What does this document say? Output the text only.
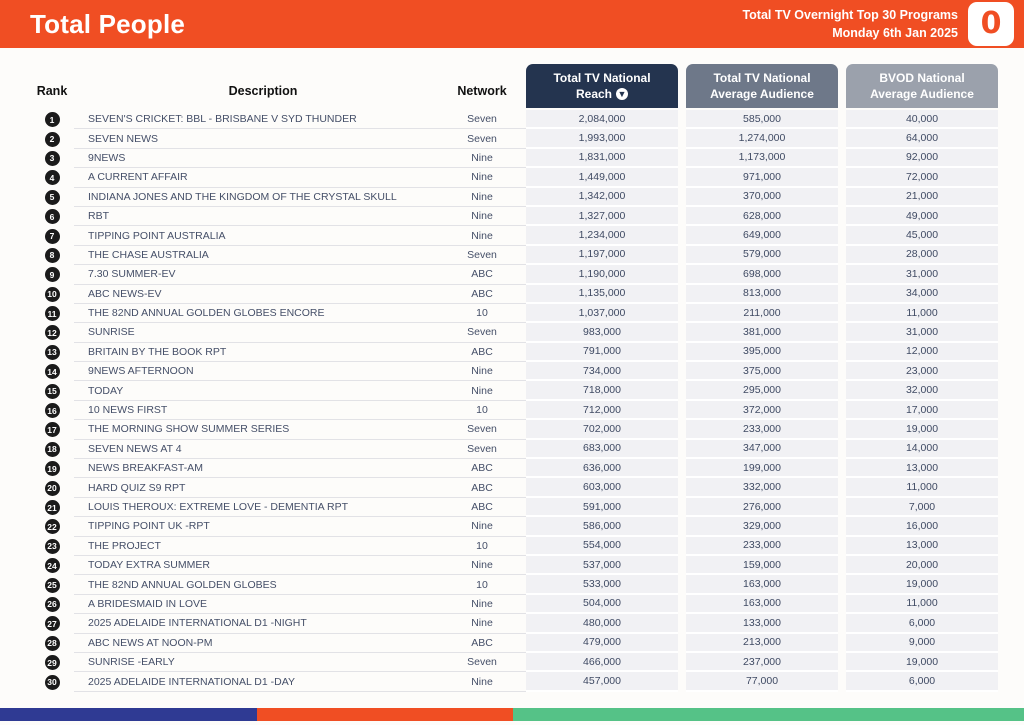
Total People	Total TV Overnight Top 30 Programs
Monday 6th Jan 2025 0
Rank	Description	Network
Total TV National
Reach ▼
Total TV National
Average Audience
BVOD National
Average Audience
1	SEVEN'S CRICKET: BBL - BRISBANE V SYD THUNDER	Seven	2,084,000	585,000	40,000
2	SEVEN NEWS	Seven	1,993,000	1,274,000	64,000
3	9NEWS	Nine	1,831,000	1,173,000	92,000
4	A CURRENT AFFAIR	Nine	1,449,000	971,000	72,000
5	INDIANA JONES AND THE KINGDOM OF THE CRYSTAL SKULL	Nine	1,342,000	370,000	21,000
6	RBT	Nine	1,327,000	628,000	49,000
7	TIPPING POINT AUSTRALIA	Nine	1,234,000	649,000	45,000
8	THE CHASE AUSTRALIA	Seven	1,197,000	579,000	28,000
9	7.30 SUMMER-EV	ABC	1,190,000	698,000	31,000
10	ABC NEWS-EV	ABC	1,135,000	813,000	34,000
11	THE 82ND ANNUAL GOLDEN GLOBES ENCORE	10	1,037,000	211,000	11,000
12	SUNRISE	Seven	983,000	381,000	31,000
13	BRITAIN BY THE BOOK RPT	ABC	791,000	395,000	12,000
14	9NEWS AFTERNOON	Nine	734,000	375,000	23,000
15	TODAY	Nine	718,000	295,000	32,000
16	10 NEWS FIRST	10	712,000	372,000	17,000
17	THE MORNING SHOW SUMMER SERIES	Seven	702,000	233,000	19,000
18	SEVEN NEWS AT 4	Seven	683,000	347,000	14,000
19	NEWS BREAKFAST-AM	ABC	636,000	199,000	13,000
20	HARD QUIZ S9 RPT	ABC	603,000	332,000	11,000
21	LOUIS THEROUX: EXTREME LOVE - DEMENTIA RPT	ABC	591,000	276,000	7,000
22	TIPPING POINT UK -RPT	Nine	586,000	329,000	16,000
23	THE PROJECT	10	554,000	233,000	13,000
24	TODAY EXTRA SUMMER	Nine	537,000	159,000	20,000
25	THE 82ND ANNUAL GOLDEN GLOBES	10	533,000	163,000	19,000
26	A BRIDESMAID IN LOVE	Nine	504,000	163,000	11,000
27	2025 ADELAIDE INTERNATIONAL D1 -NIGHT	Nine	480,000	133,000	6,000
28	ABC NEWS AT NOON-PM	ABC	479,000	213,000	9,000
29	SUNRISE -EARLY	Seven	466,000	237,000	19,000
30	2025 ADELAIDE INTERNATIONAL D1 -DAY	Nine	457,000	77,000	6,000
